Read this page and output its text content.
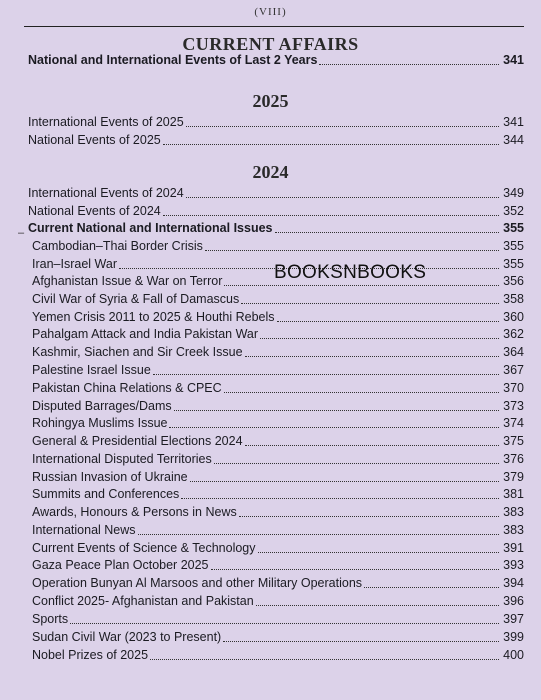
(VIII)
CURRENT AFFAIRS
National and International Events of Last 2 Years	341
2025
International Events of 2025	341
National Events of 2025	344
2024
International Events of 2024	349
National Events of 2024	352
Current National and International Issues	355
Cambodian–Thai Border Crisis	355
Iran–Israel War	355
Afghanistan Issue & War on Terror	356
Civil War of Syria & Fall of Damascus	358
Yemen Crisis 2011 to 2025 & Houthi Rebels	360
Pahalgam Attack and India Pakistan War	362
Kashmir, Siachen and Sir Creek Issue	364
Palestine Israel Issue	367
Pakistan China Relations & CPEC	370
Disputed Barrages/Dams	373
Rohingya Muslims Issue	374
General & Presidential Elections 2024	375
International Disputed Territories	376
Russian Invasion of Ukraine	379
Summits and Conferences	381
Awards, Honours & Persons in News	383
International News	383
Current Events of Science & Technology	391
Gaza Peace Plan October 2025	393
Operation Bunyan Al Marsoos and other Military Operations	394
Conflict 2025- Afghanistan and Pakistan	396
Sports	397
Sudan Civil War (2023 to Present)	399
Nobel Prizes of 2025	400
–
BOOKSNBOOKS
